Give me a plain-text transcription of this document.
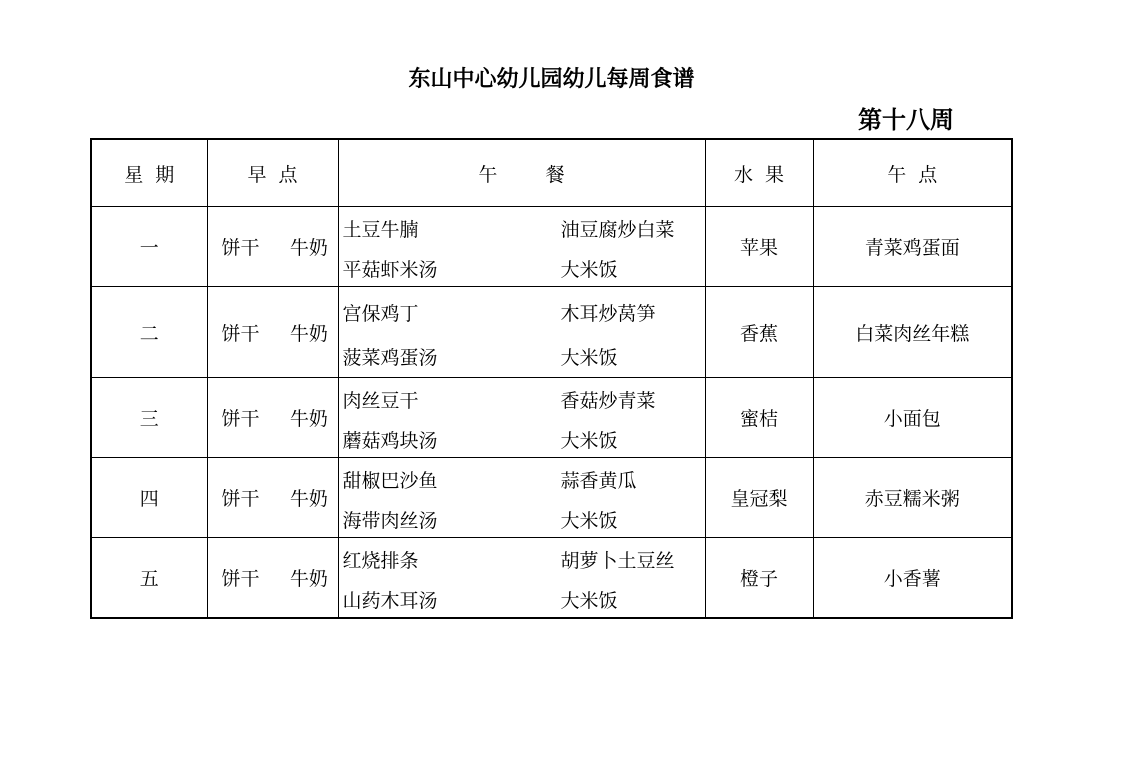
东山中心幼儿园幼儿每周食谱
第十八周
星  期	早  点	午        餐	水  果	午  点
一	饼干 牛奶	土豆牛腩 油豆腐炒白菜
平菇虾米汤 大米饭	苹果	青菜鸡蛋面
二	饼干 牛奶	宫保鸡丁 木耳炒莴笋
菠菜鸡蛋汤 大米饭	香蕉	白菜肉丝年糕
三	饼干 牛奶	肉丝豆干 香菇炒青菜
蘑菇鸡块汤 大米饭	蜜桔	小面包
四	饼干 牛奶	甜椒巴沙鱼 蒜香黄瓜
海带肉丝汤 大米饭	皇冠梨	赤豆糯米粥
五	饼干 牛奶	红烧排条 胡萝卜土豆丝
山药木耳汤 大米饭	橙子	小香薯
